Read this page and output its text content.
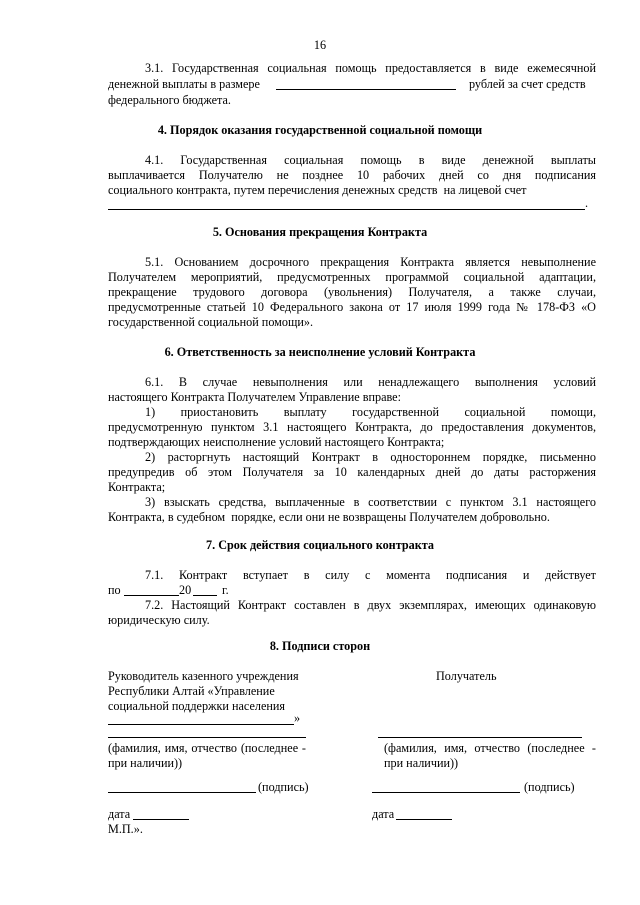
16
3.1. Государственная социальная помощь предоставляется в виде ежемесячной
денежной выплаты в размере	рублей за счет средств
федерального бюджета.
4. Порядок оказания государственной социальной помощи
4.1. Государственная социальная помощь в виде денежной выплаты
выплачивается Получателю не позднее 10 рабочих дней со дня подписания
социального контракта, путем перечисления денежных средств  на лицевой счет
.
5. Основания прекращения Контракта
5.1. Основанием досрочного прекращения Контракта является невыполнение
Получателем мероприятий, предусмотренных программой социальной адаптации,
прекращение трудового договора (увольнения) Получателя, а также случаи,
предусмотренные статьей 10 Федерального закона от 17 июля 1999 года № 178-ФЗ «О
государственной социальной помощи».
6. Ответственность за неисполнение условий Контракта
6.1. В случае невыполнения или ненадлежащего выполнения условий
настоящего Контракта Получателем Управление вправе:
1) приостановить выплату государственной социальной помощи,
предусмотренную пунктом 3.1 настоящего Контракта, до предоставления документов,
подтверждающих неисполнение условий настоящего Контракта;
2) расторгнуть настоящий Контракт в одностороннем порядке, письменно
предупредив об этом Получателя за 10 календарных дней до даты расторжения
Контракта;
3) взыскать средства, выплаченные в соответствии с пунктом 3.1 настоящего
Контракта, в судебном  порядке, если они не возвращены Получателем добровольно.
7. Срок действия социального контракта
7.1. Контракт вступает в силу с момента подписания и действует
по	20	г.
7.2. Настоящий Контракт составлен в двух экземплярах, имеющих одинаковую
юридическую силу.
8. Подписи сторон
Руководитель казенного учреждения
Республики Алтай «Управление
социальной поддержки населения
»
(фамилия, имя, отчество (последнее -
при наличии))
(подпись)
дата
М.П.».
Получатель
(фамилия, имя, отчество (последнее -
при наличии))
(подпись)
дата
